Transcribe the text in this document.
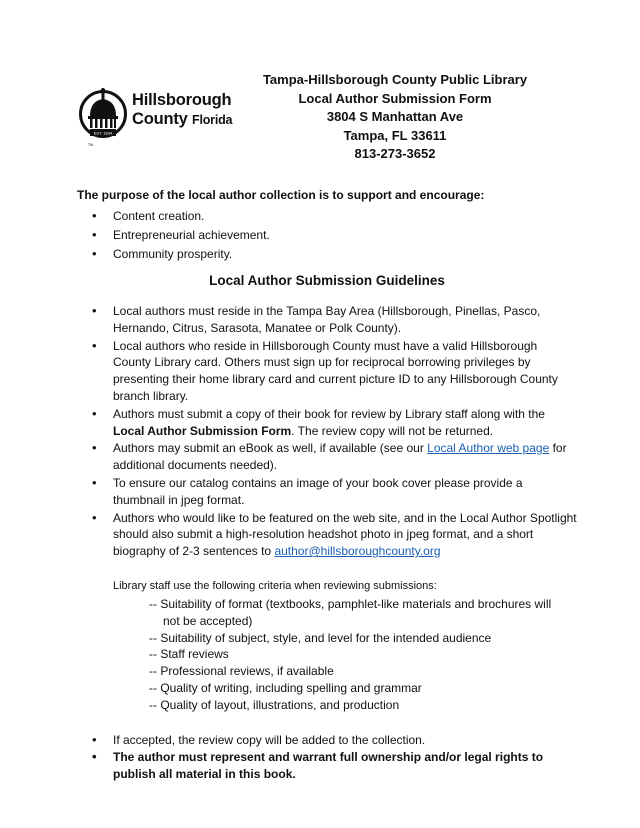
EST. 1834
TM
Hillsborough
County Florida
Tampa-Hillsborough County Public Library
Local Author Submission Form
3804 S Manhattan Ave
Tampa, FL 33611
813-273-3652

The purpose of the local author collection is to support and encourage:

• Content creation.
• Entrepreneurial achievement.
• Community prosperity.
Local Author Submission Guidelines
• Local authors must reside in the Tampa Bay Area (Hillsborough, Pinellas, Pasco, Hernando, Citrus, Sarasota, Manatee or Polk County).
• Local authors who reside in Hillsborough County must have a valid Hillsborough County Library card. Others must sign up for reciprocal borrowing privileges by presenting their home library card and current picture ID to any Hillsborough County branch library.
• Authors must submit a copy of their book for review by Library staff along with the Local Author Submission Form. The review copy will not be returned.
• Authors may submit an eBook as well, if available (see our Local Author web page for additional documents needed).
• To ensure our catalog contains an image of your book cover please provide a thumbnail in jpeg format.
• Authors who would like to be featured on the web site, and in the Local Author Spotlight should also submit a high-resolution headshot photo in jpeg format, and a short biography of 2-3 sentences to author@hillsboroughcounty.org
Library staff use the following criteria when reviewing submissions:
-- Suitability of format (textbooks, pamphlet-like materials and brochures will
not be accepted)
-- Suitability of subject, style, and level for the intended audience
-- Staff reviews
-- Professional reviews, if available
-- Quality of writing, including spelling and grammar
-- Quality of layout, illustrations, and production
• If accepted, the review copy will be added to the collection.
• The author must represent and warrant full ownership and/or legal rights to publish all material in this book.
